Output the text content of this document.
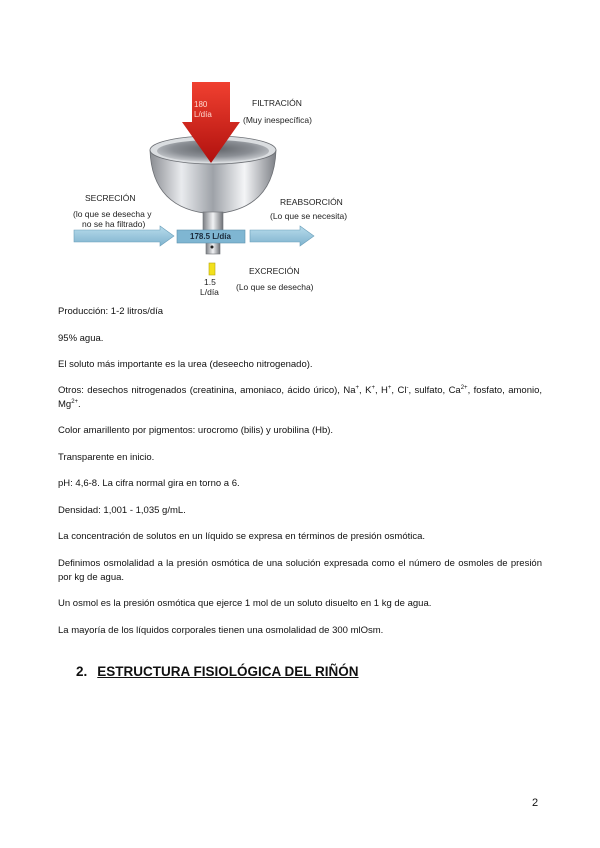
180
L/día
FILTRACIÓN
(Muy inespecífica)
SECRECIÓN
(lo que se desecha y
no se ha filtrado)
REABSORCIÓN
(Lo que se necesita)
178.5 L/día
1.5
L/día
EXCRECIÓN
(Lo que se desecha)

Producción: 1-2 litros/día

95% agua.

El soluto más importante es la urea (deseecho nitrogenado).

Otros: desechos nitrogenados (creatinina, amoniaco, ácido úrico), Na+, K+, H+, Cl-, sulfato, $Ca^{2+}$, fosfato, amonio, $Mg^{2+}$.

Color amarillento por pigmentos: urocromo (bilis) y urobilina (Hb).

Transparente en inicio.

pH: 4,6-8. La cifra normal gira en torno a 6.

Densidad: 1,001 - 1,035 g/mL.

La concentración de solutos en un líquido se expresa en términos de presión osmótica.

Definimos osmolalidad a la presión osmótica de una solución expresada como el número de osmoles de presión por kg de agua.

Un osmol es la presión osmótica que ejerce 1 mol de un soluto disuelto en 1 kg de agua.

La mayoría de los líquidos corporales tienen una osmolalidad de 300 mlOsm.

2. ESTRUCTURA FISIOLÓGICA DEL RIÑÓN
2
